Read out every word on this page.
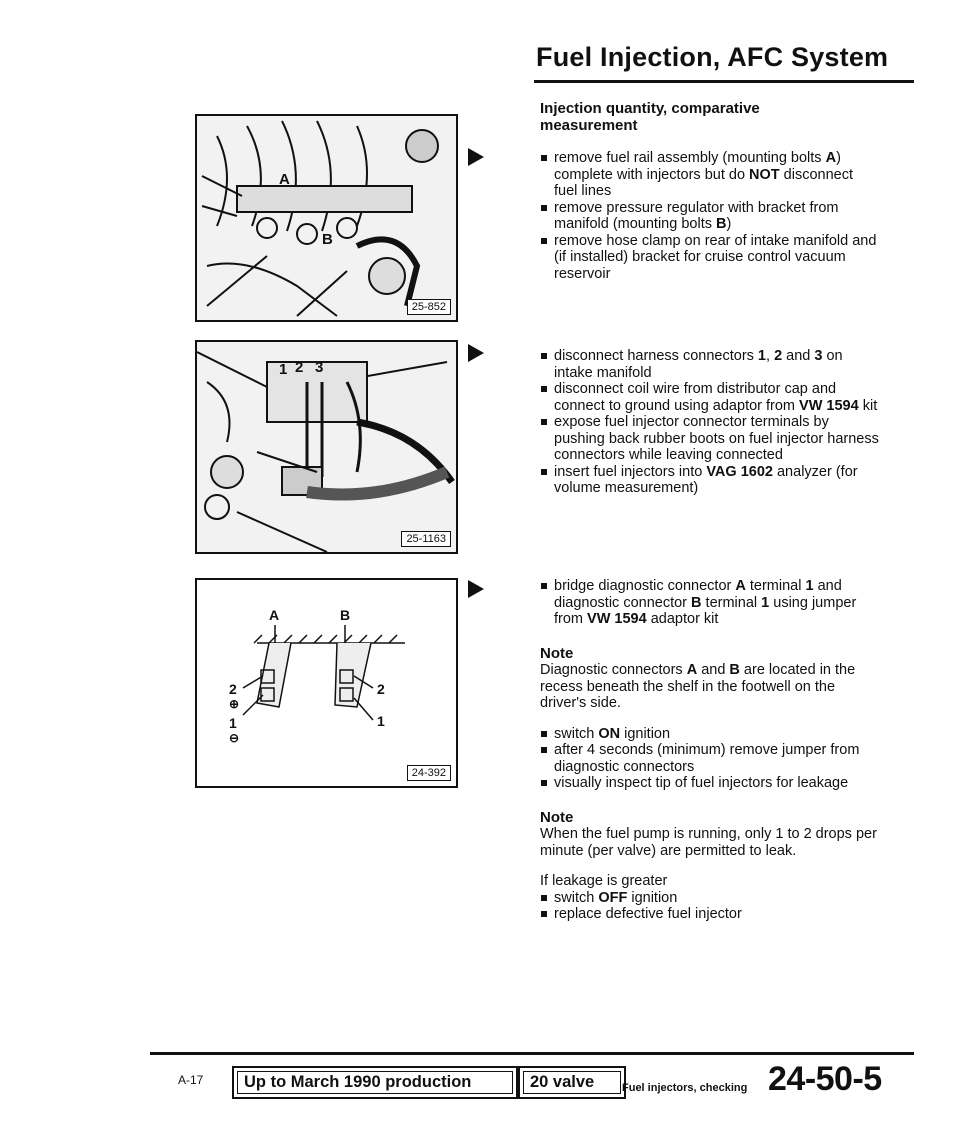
Fuel Injection, AFC System
A
B
25-852
1 2 3
25-1163
A	B
2
⊕
1
⊖
2
1
24-392
Injection quantity, comparative
measurement

remove fuel rail assembly (mounting bolts A) complete with injectors but do NOT disconnect fuel lines

remove pressure regulator with bracket from manifold (mounting bolts B)

remove hose clamp on rear of intake manifold and (if installed) bracket for cruise control vacuum reservoir

disconnect harness connectors 1, 2 and 3 on intake manifold

disconnect coil wire from distributor cap and connect to ground using adaptor from VW 1594 kit

expose fuel injector connector terminals by pushing back rubber boots on fuel injector harness connectors while leaving connected

insert fuel injectors into VAG 1602 analyzer (for volume measurement)

bridge diagnostic connector A terminal 1 and diagnostic connector B terminal 1 using jumper from VW 1594 adaptor kit

Note

Diagnostic connectors A and B are located in the recess beneath the shelf in the footwell on the driver's side.

switch ON ignition

after 4 seconds (minimum) remove jumper from diagnostic connectors

visually inspect tip of fuel injectors for leakage

Note

When the fuel pump is running, only 1 to 2 drops per minute (per valve) are permitted to leak.

If leakage is greater

switch OFF ignition

replace defective fuel injector

A-17	Up to March 1990 production	20 valve	Fuel injectors, checking 24-50-5
